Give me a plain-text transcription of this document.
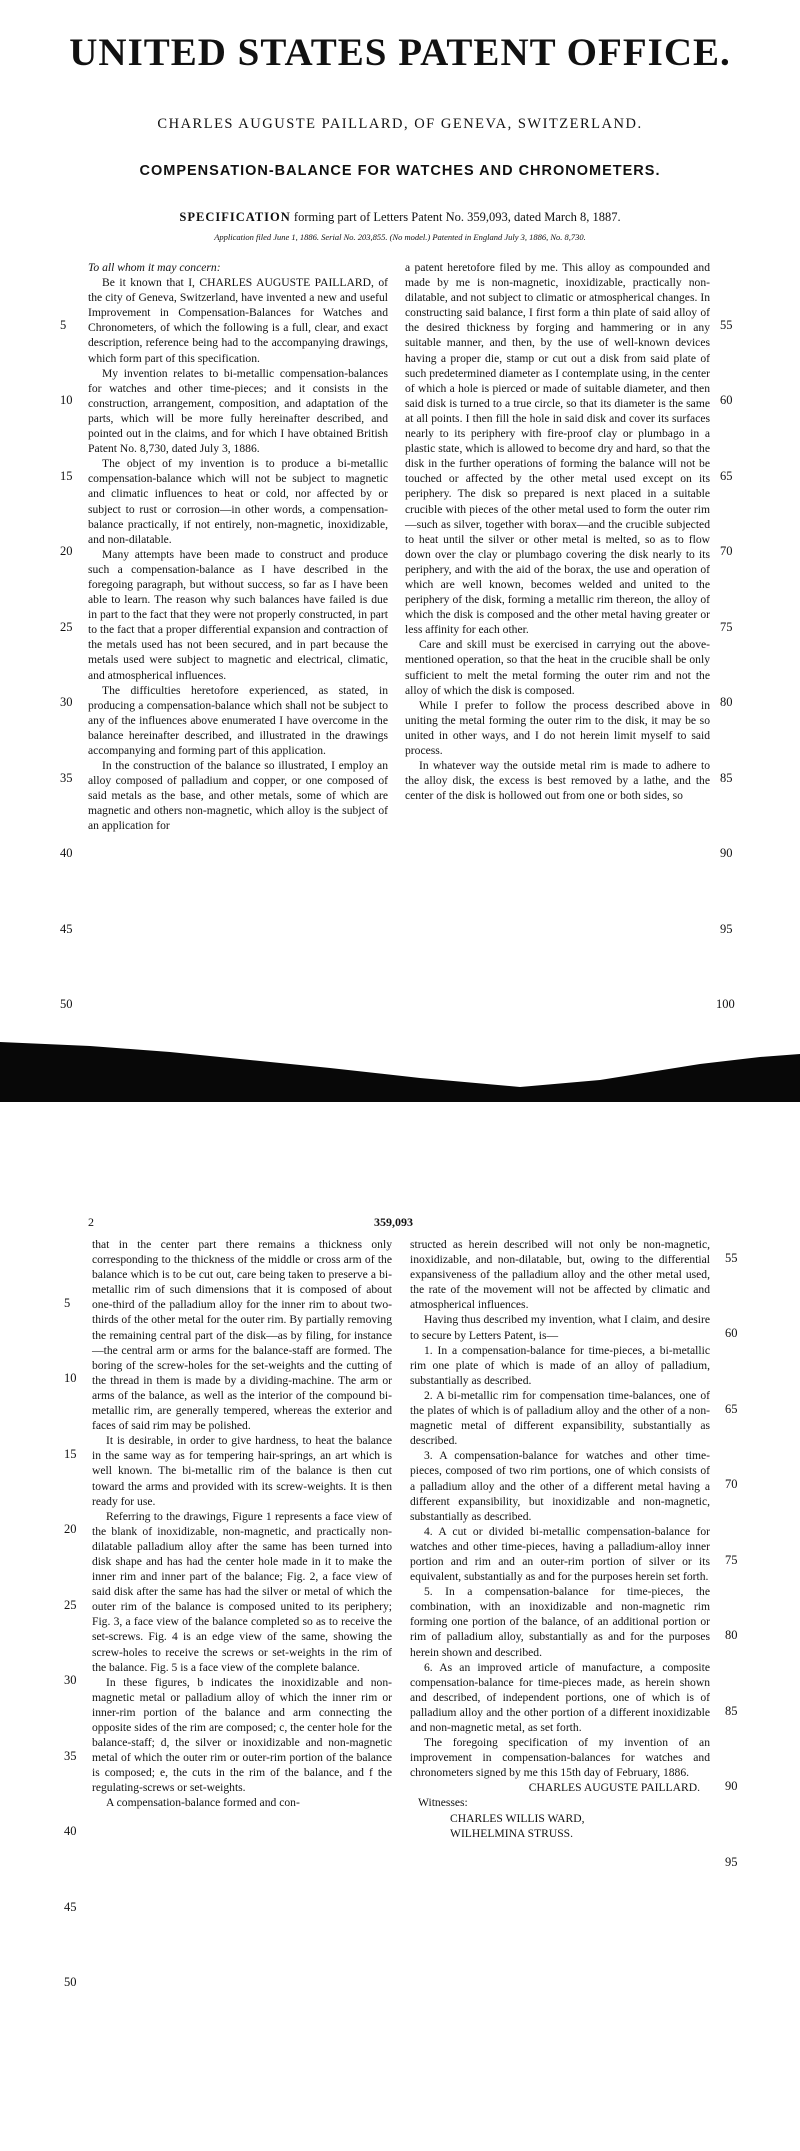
UNITED STATES PATENT OFFICE.
CHARLES AUGUSTE PAILLARD, OF GENEVA, SWITZERLAND.
COMPENSATION-BALANCE FOR WATCHES AND CHRONOMETERS.
SPECIFICATION forming part of Letters Patent No. 359,093, dated March 8, 1887.
Application filed June 1, 1886. Serial No. 203,855. (No model.) Patented in England July 3, 1886, No. 8,730.

To all whom it may concern:

Be it known that I, CHARLES AUGUSTE PAILLARD, of the city of Geneva, Switzerland, have invented a new and useful Improvement in Compensation-Balances for Watches and Chronometers, of which the following is a full, clear, and exact description, reference being had to the accompanying drawings, which form part of this specification.

My invention relates to bi-metallic compensation-balances for watches and other time-pieces; and it consists in the construction, arrangement, composition, and adaptation of the parts, which will be more fully hereinafter described, and pointed out in the claims, and for which I have obtained British Patent No. 8,730, dated July 3, 1886.

The object of my invention is to produce a bi-metallic compensation-balance which will not be subject to magnetic and climatic influences to heat or cold, nor affected by or subject to rust or corrosion—in other words, a compensation-balance practically, if not entirely, non-magnetic, inoxidizable, and non-dilatable.

Many attempts have been made to construct and produce such a compensation-balance as I have described in the foregoing paragraph, but without success, so far as I have been able to learn. The reason why such balances have failed is due in part to the fact that they were not properly constructed, in part to the fact that a proper differential expansion and contraction of the metals used has not been secured, and in part because the metals used were subject to magnetic and electrical, climatic, and atmospherical influences.

The difficulties heretofore experienced, as stated, in producing a compensation-balance which shall not be subject to any of the influences above enumerated I have overcome in the balance hereinafter described, and illustrated in the drawings accompanying and forming part of this application.

In the construction of the balance so illustrated, I employ an alloy composed of palladium and copper, or one composed of said metals as the base, and other metals, some of which are magnetic and others non-magnetic, which alloy is the subject of an application for

a patent heretofore filed by me. This alloy as compounded and made by me is non-magnetic, inoxidizable, practically non-dilatable, and not subject to climatic or atmospherical changes. In constructing said balance, I first form a thin plate of said alloy of the desired thickness by forging and hammering or in any suitable manner, and then, by the use of well-known devices having a proper die, stamp or cut out a disk from said plate of such predetermined diameter as I contemplate using, in the center of which a hole is pierced or made of suitable diameter, and then said disk is turned to a true circle, so that its diameter is the same at all points. I then fill the hole in said disk and cover its surfaces nearly to its periphery with fire-proof clay or plumbago in a plastic state, which is allowed to become dry and hard, so that the disk in the further operations of forming the balance will not be touched or affected by the other metal used except on its periphery. The disk so prepared is next placed in a suitable crucible with pieces of the other metal used to form the outer rim—such as silver, together with borax—and the crucible subjected to heat until the silver or other metal is melted, so as to flow down over the clay or plumbago covering the disk nearly to its periphery, and with the aid of the borax, the use and operation of which are well known, becomes welded and united to the periphery of the disk, forming a metallic rim thereon, the alloy of which the disk is composed and the other metal having greater or less affinity for each other.

Care and skill must be exercised in carrying out the above-mentioned operation, so that the heat in the crucible shall be only sufficient to melt the metal forming the outer rim and not the alloy of which the disk is composed.

While I prefer to follow the process described above in uniting the metal forming the outer rim to the disk, it may be so united in other ways, and I do not herein limit myself to said process.

In whatever way the outside metal rim is made to adhere to the alloy disk, the excess is best removed by a lathe, and the center of the disk is hollowed out from one or both sides, so

5
10
15
20
25
30
35
40
45
50
55
60
65
70
75
80
85
90
95
100
2	359,093

that in the center part there remains a thickness only corresponding to the thickness of the middle or cross arm of the balance which is to be cut out, care being taken to preserve a bi-metallic rim of such dimensions that it is composed of about one-third of the palladium alloy for the inner rim to about two-thirds of the other metal for the outer rim. By partially removing the remaining central part of the disk—as by filing, for instance—the central arm or arms for the balance-staff are formed. The boring of the screw-holes for the set-weights and the cutting of the thread in them is made by a dividing-machine. The arm or arms of the balance, as well as the interior of the compound bi-metallic rim, are generally tempered, whereas the exterior and faces of said rim may be polished.

It is desirable, in order to give hardness, to heat the balance in the same way as for tempering hair-springs, an art which is well known. The bi-metallic rim of the balance is then cut toward the arms and provided with its screw-weights. It is then ready for use.

Referring to the drawings, Figure 1 represents a face view of the blank of inoxidizable, non-magnetic, and practically non-dilatable palladium alloy after the same has been turned into disk shape and has had the center hole made in it to make the inner rim and inner part of the balance; Fig. 2, a face view of said disk after the same has had the silver or metal of which the outer rim of the balance is composed united to its periphery; Fig. 3, a face view of the balance completed so as to receive the set-screws. Fig. 4 is an edge view of the same, showing the screw-holes to receive the screws or set-weights in the rim of the balance. Fig. 5 is a face view of the complete balance.

In these figures, b indicates the inoxidizable and non-magnetic metal or palladium alloy of which the inner rim or inner-rim portion of the balance and arm connecting the opposite sides of the rim are composed; c, the center hole for the balance-staff; d, the silver or inoxidizable and non-magnetic metal of which the outer rim or outer-rim portion of the balance is composed; e, the cuts in the rim of the balance, and f the regulating-screws or set-weights.

A compensation-balance formed and con-

structed as herein described will not only be non-magnetic, inoxidizable, and non-dilatable, but, owing to the differential expansiveness of the palladium alloy and the other metal used, the rate of the movement will not be affected by climatic and atmospherical influences.

Having thus described my invention, what I claim, and desire to secure by Letters Patent, is—

1. In a compensation-balance for time-pieces, a bi-metallic rim one plate of which is made of an alloy of palladium, substantially as described.

2. A bi-metallic rim for compensation time-balances, one of the plates of which is of palladium alloy and the other of a non-magnetic metal of different expansibility, substantially as described.

3. A compensation-balance for watches and other time-pieces, composed of two rim portions, one of which consists of a palladium alloy and the other of a different metal having a different expansibility, but inoxidizable and non-magnetic, substantially as described.

4. A cut or divided bi-metallic compensation-balance for watches and other time-pieces, having a palladium-alloy inner portion and rim and an outer-rim portion of silver or its equivalent, substantially as and for the purposes herein set forth.

5. In a compensation-balance for time-pieces, the combination, with an inoxidizable and non-magnetic rim forming one portion of the balance, of an additional portion or rim of palladium alloy, substantially as and for the purposes herein shown and described.

6. As an improved article of manufacture, a composite compensation-balance for time-pieces made, as herein shown and described, of independent portions, one of which is of palladium alloy and the other portion of a different inoxidizable and non-magnetic metal, as set forth.

The foregoing specification of my invention of an improvement in compensation-balances for watches and chronometers signed by me this 15th day of February, 1886.

CHARLES AUGUSTE PAILLARD.

Witnesses:

CHARLES WILLIS WARD,

WILHELMINA STRUSS.

5
10
15
20
25
30
35
40
45
50
55
60
65
70
75
80
85
90
95
